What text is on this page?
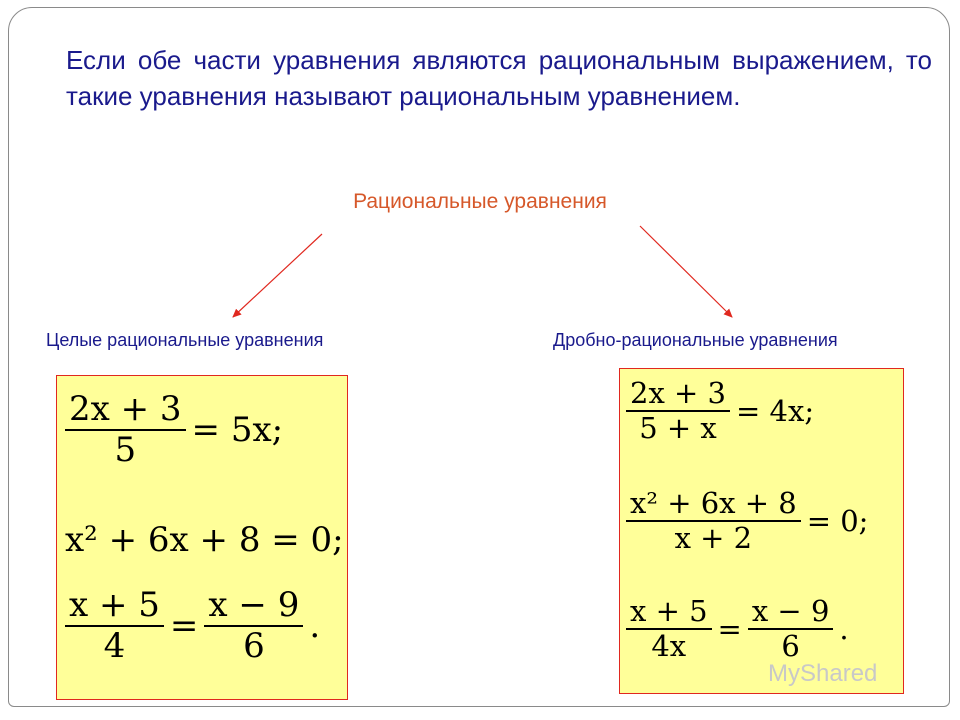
Если обе части уравнения являются рациональным выражением, то такие уравнения называют рациональным уравнением.
Рациональные уравнения
Целые рациональные уравнения	Дробно-рациональные уравнения
$\frac{2x + 3}{5} = 5x$;
x² + 6x + 8 = 0;
$\frac{x + 5}{4} = \frac{x - 9}{6}$ .
$\frac{2x + 3}{5 + x} = 4x$;
$\frac{\text{x² + 6x + 8}}{x + 2} = 0$;
$\frac{x + 5}{4x} = \frac{x - 9}{6}$ .
MyShared
